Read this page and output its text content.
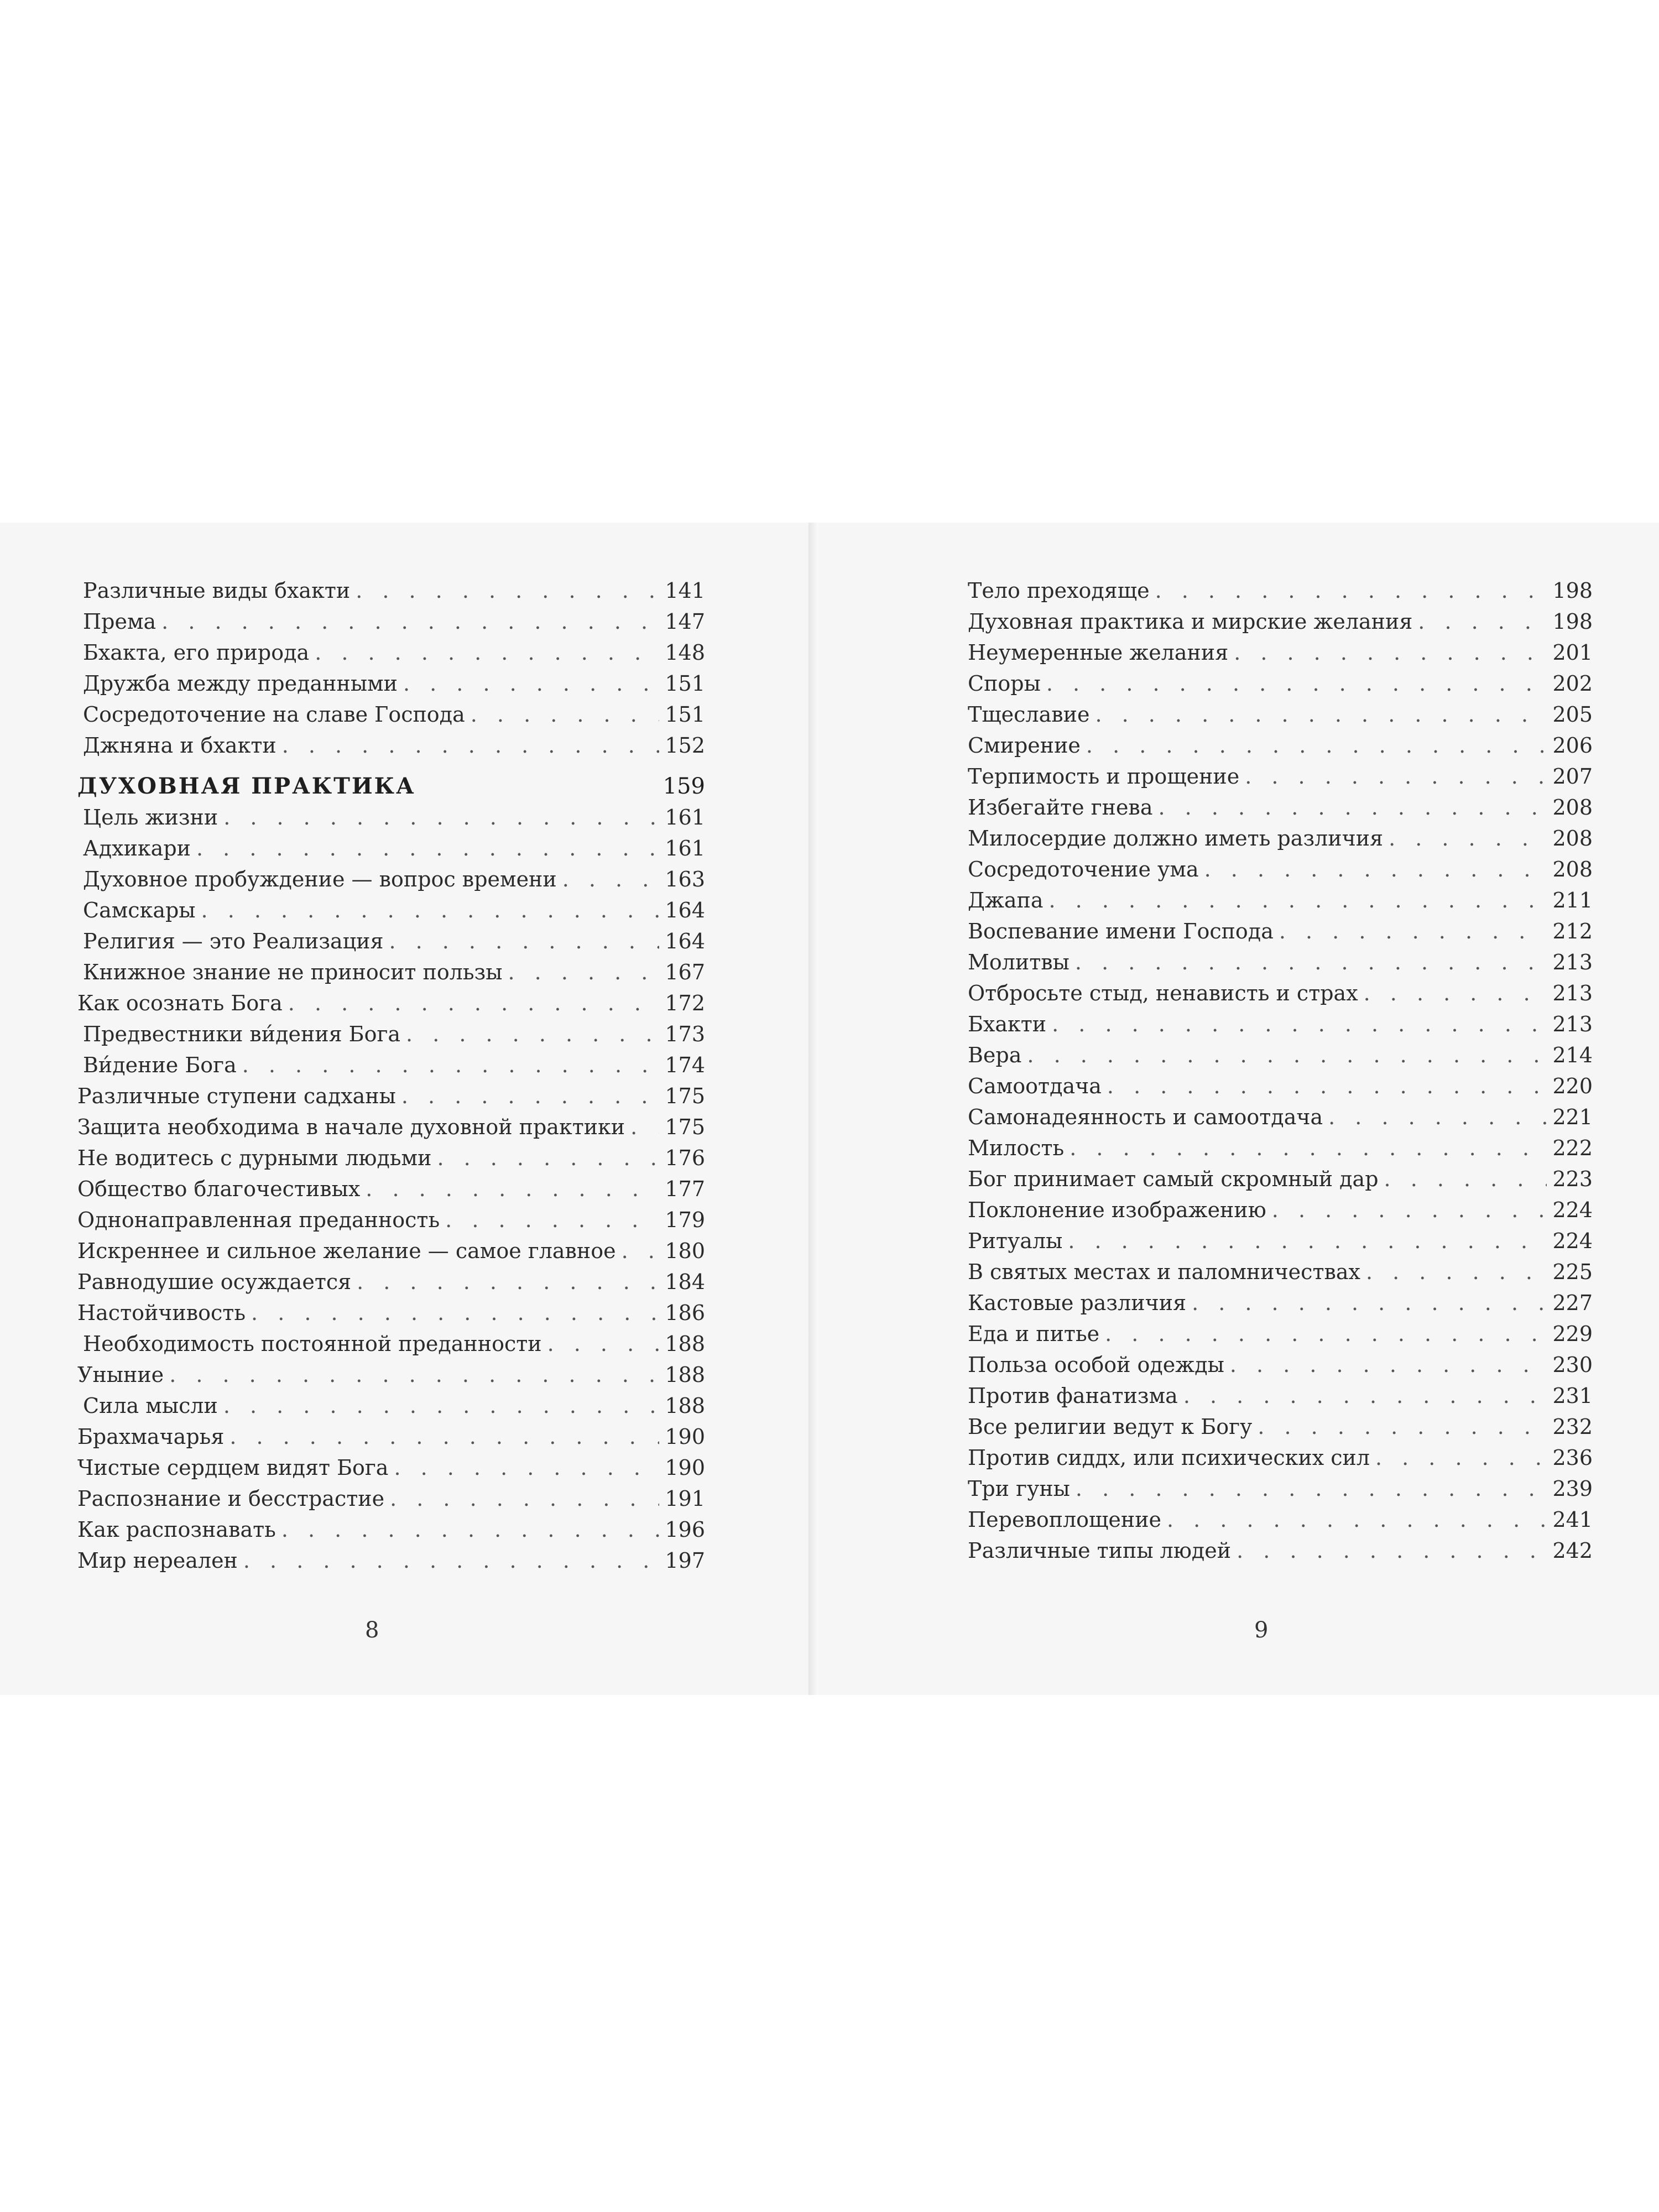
Различные виды бхакти . . .	141
Према . . .	147
Бхакта, его природа . . .	148
Дружба между преданными . . .	151
Сосредоточение на славе Господа . . .	151
Джняна и бхакти . . .	152
ДУХОВНАЯ ПРАКТИКА	159
Цель жизни . . .	161
Адхикари . . .	161
Духовное пробуждение — вопрос времени . . .	163
Самскары . . .	164
Религия — это Реализация . . .	164
Книжное знание не приносит пользы . . .	167
Как осознать Бога . . .	172
Предвестники ви́дения Бога . . .	173
Ви́дение Бога . . .	174
Различные ступени садханы . . .	175
Защита необходима в начале духовной практики . . . 175
Не водитесь с дурными людьми . . .	176
Общество благочестивых . . .	177
Однонаправленная преданность . . .	179
Искреннее и сильное желание — самое главное . . . 180
Равнодушие осуждается . . .	184
Настойчивость . . .	186
Необходимость постоянной преданности . . .	188
Уныние . . .	188
Сила мысли . . .	188
Брахмачарья . . .	190
Чистые сердцем видят Бога . . .	190
Распознание и бесстрастие . . .	191
Как распознавать . . .	196
Мир нереален . . .	197
8
Тело преходяще . . .	198
Духовная практика и мирские желания . . .	198
Неумеренные желания . . .	201
Споры . . .	202
Тщеславие . . .	205
Смирение . . .	206
Терпимость и прощение . . .	207
Избегайте гнева . . .	208
Милосердие должно иметь различия . . .	208
Сосредоточение ума . . .	208
Джапа . . .	211
Воспевание имени Господа . . .	212
Молитвы . . .	213
Отбросьте стыд, ненависть и страх . . .	213
Бхакти . . .	213
Вера . . .	214
Самоотдача . . .	220
Самонадеянность и самоотдача . . .	221
Милость . . .	222
Бог принимает самый скромный дар . . .	223
Поклонение изображению . . .	224
Ритуалы . . .	224
В святых местах и паломничествах . . .	225
Кастовые различия . . .	227
Еда и питье . . .	229
Польза особой одежды . . .	230
Против фанатизма . . .	231
Все религии ведут к Богу . . .	232
Против сиддх, или психических сил . . .	236
Три гуны . . .	239
Перевоплощение . . .	241
Различные типы людей . . .	242
9
